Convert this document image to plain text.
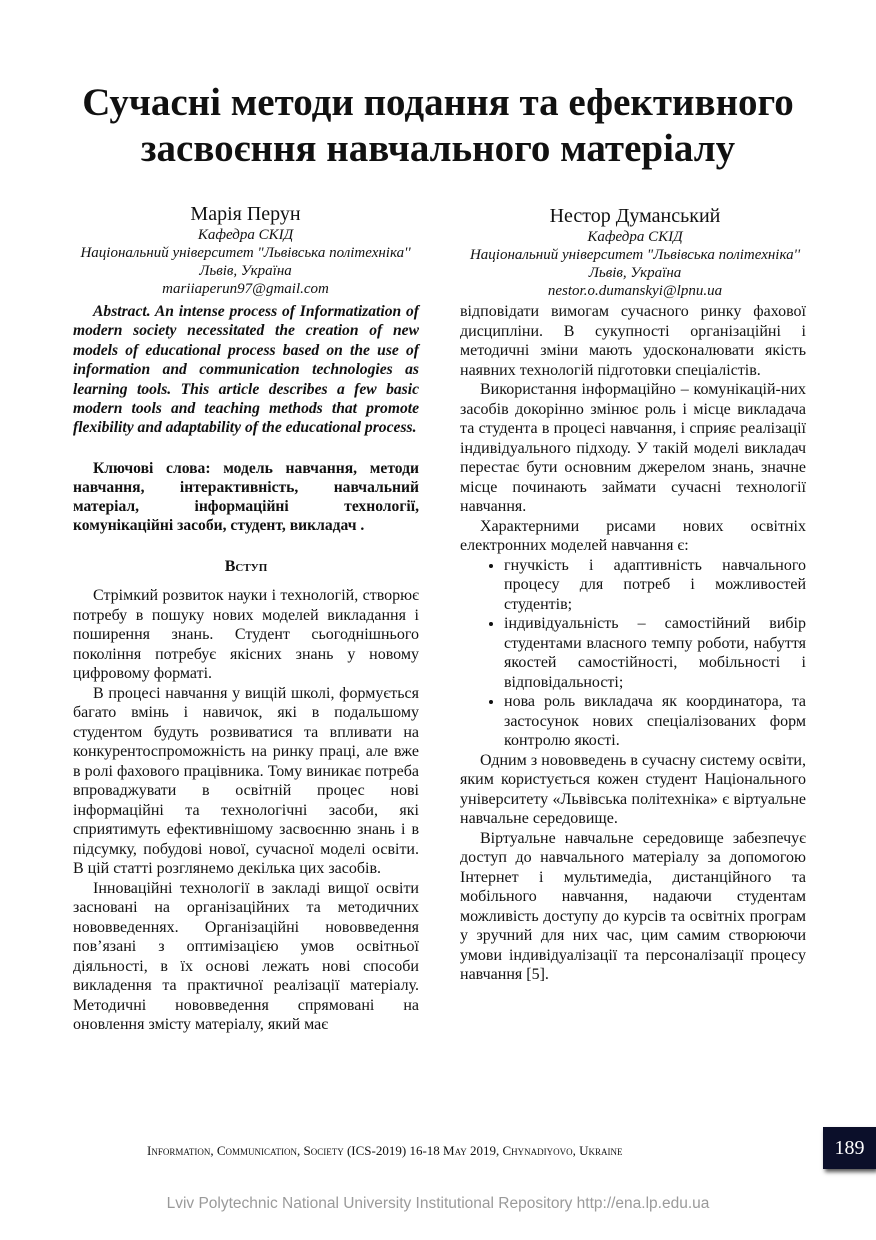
Сучасні методи подання та ефективного
засвоєння навчального матеріалу
Марія Перун
Кафедра СКІД
Національний університет "Львівська політехніка''
Львів, Україна
mariiaperun97@gmail.com
Нестор Думанський
Кафедра СКІД
Національний університет "Львівська політехніка''
Львів, Україна
nestor.o.dumanskyi@lpnu.ua

Abstract. An intense process of Informatization of modern society necessitated the creation of new models of educational process based on the use of information and communication technologies as learning tools. This article describes a few basic modern tools and teaching methods that promote flexibility and adaptability of the educational process.

Ключові слова: модель навчання, методи навчання, інтерактивність, навчальний матеріал, інформаційні технології, комунікаційні засоби, студент, викладач .

Вступ

Стрімкий розвиток науки і технологій, створює потребу в пошуку нових моделей викладання і поширення знань. Студент сьогоднішнього покоління потребує якісних знань у новому цифровому форматі.

В процесі навчання у вищій школі, формується багато вмінь і навичок, які в подальшому студентом будуть розвиватися та впливати на конкурентоспроможність на ринку праці, але вже в ролі фахового працівника. Тому виникає потреба впроваджувати в освітній процес нові інформаційні та технологічні засоби, які сприятимуть ефективнішому засвоєнню знань і в підсумку, побудові нової, сучасної моделі освіти. В цій статті розглянемо декілька цих засобів.

Інноваційні технології в закладі вищої освіти засновані на організаційних та методичних нововведеннях. Організаційні нововведення пов’язані з оптимізацією умов освітньої діяльності, в їх основі лежать нові способи викладення та практичної реалізації матеріалу. Методичні нововведення спрямовані на оновлення змісту матеріалу, який має

відповідати вимогам сучасного ринку фахової дисципліни. В сукупності організаційні і методичні зміни мають удосконалювати якість наявних технологій підготовки спеціалістів.

Використання інформаційно – комунікацій-них засобів докорінно змінює роль і місце викладача та студента в процесі навчання, і сприяє реалізації індивідуального підходу. У такій моделі викладач перестає бути основним джерелом знань, значне місце починають займати сучасні технології навчання.

Характерними рисами нових освітніх електронних моделей навчання є:

• гнучкість і адаптивність навчального процесу для потреб і можливостей студентів;
• індивідуальність – самостійний вибір студентами власного темпу роботи, набуття якостей самостійності, мобільності і відповідальності;
• нова роль викладача як координатора, та застосунок нових спеціалізованих форм контролю якості.

Одним з нововведень в сучасну систему освіти, яким користується кожен студент Національного університету «Львівська політехніка» є віртуальне навчальне середовище.

Віртуальне навчальне середовище забезпечує доступ до навчального матеріалу за допомогою Інтернет і мультимедіа, дистанційного та мобільного навчання, надаючи студентам можливість доступу до курсів та освітніх програм у зручний для них час, цим самим створюючи умови індивідуалізації та персоналізації процесу навчання [5].

Information, Communication, Society (ICS-2019) 16-18 May 2019, Chynadiyovo, Ukraine	189
Lviv Polytechnic National University Institutional Repository http://ena.lp.edu.ua
